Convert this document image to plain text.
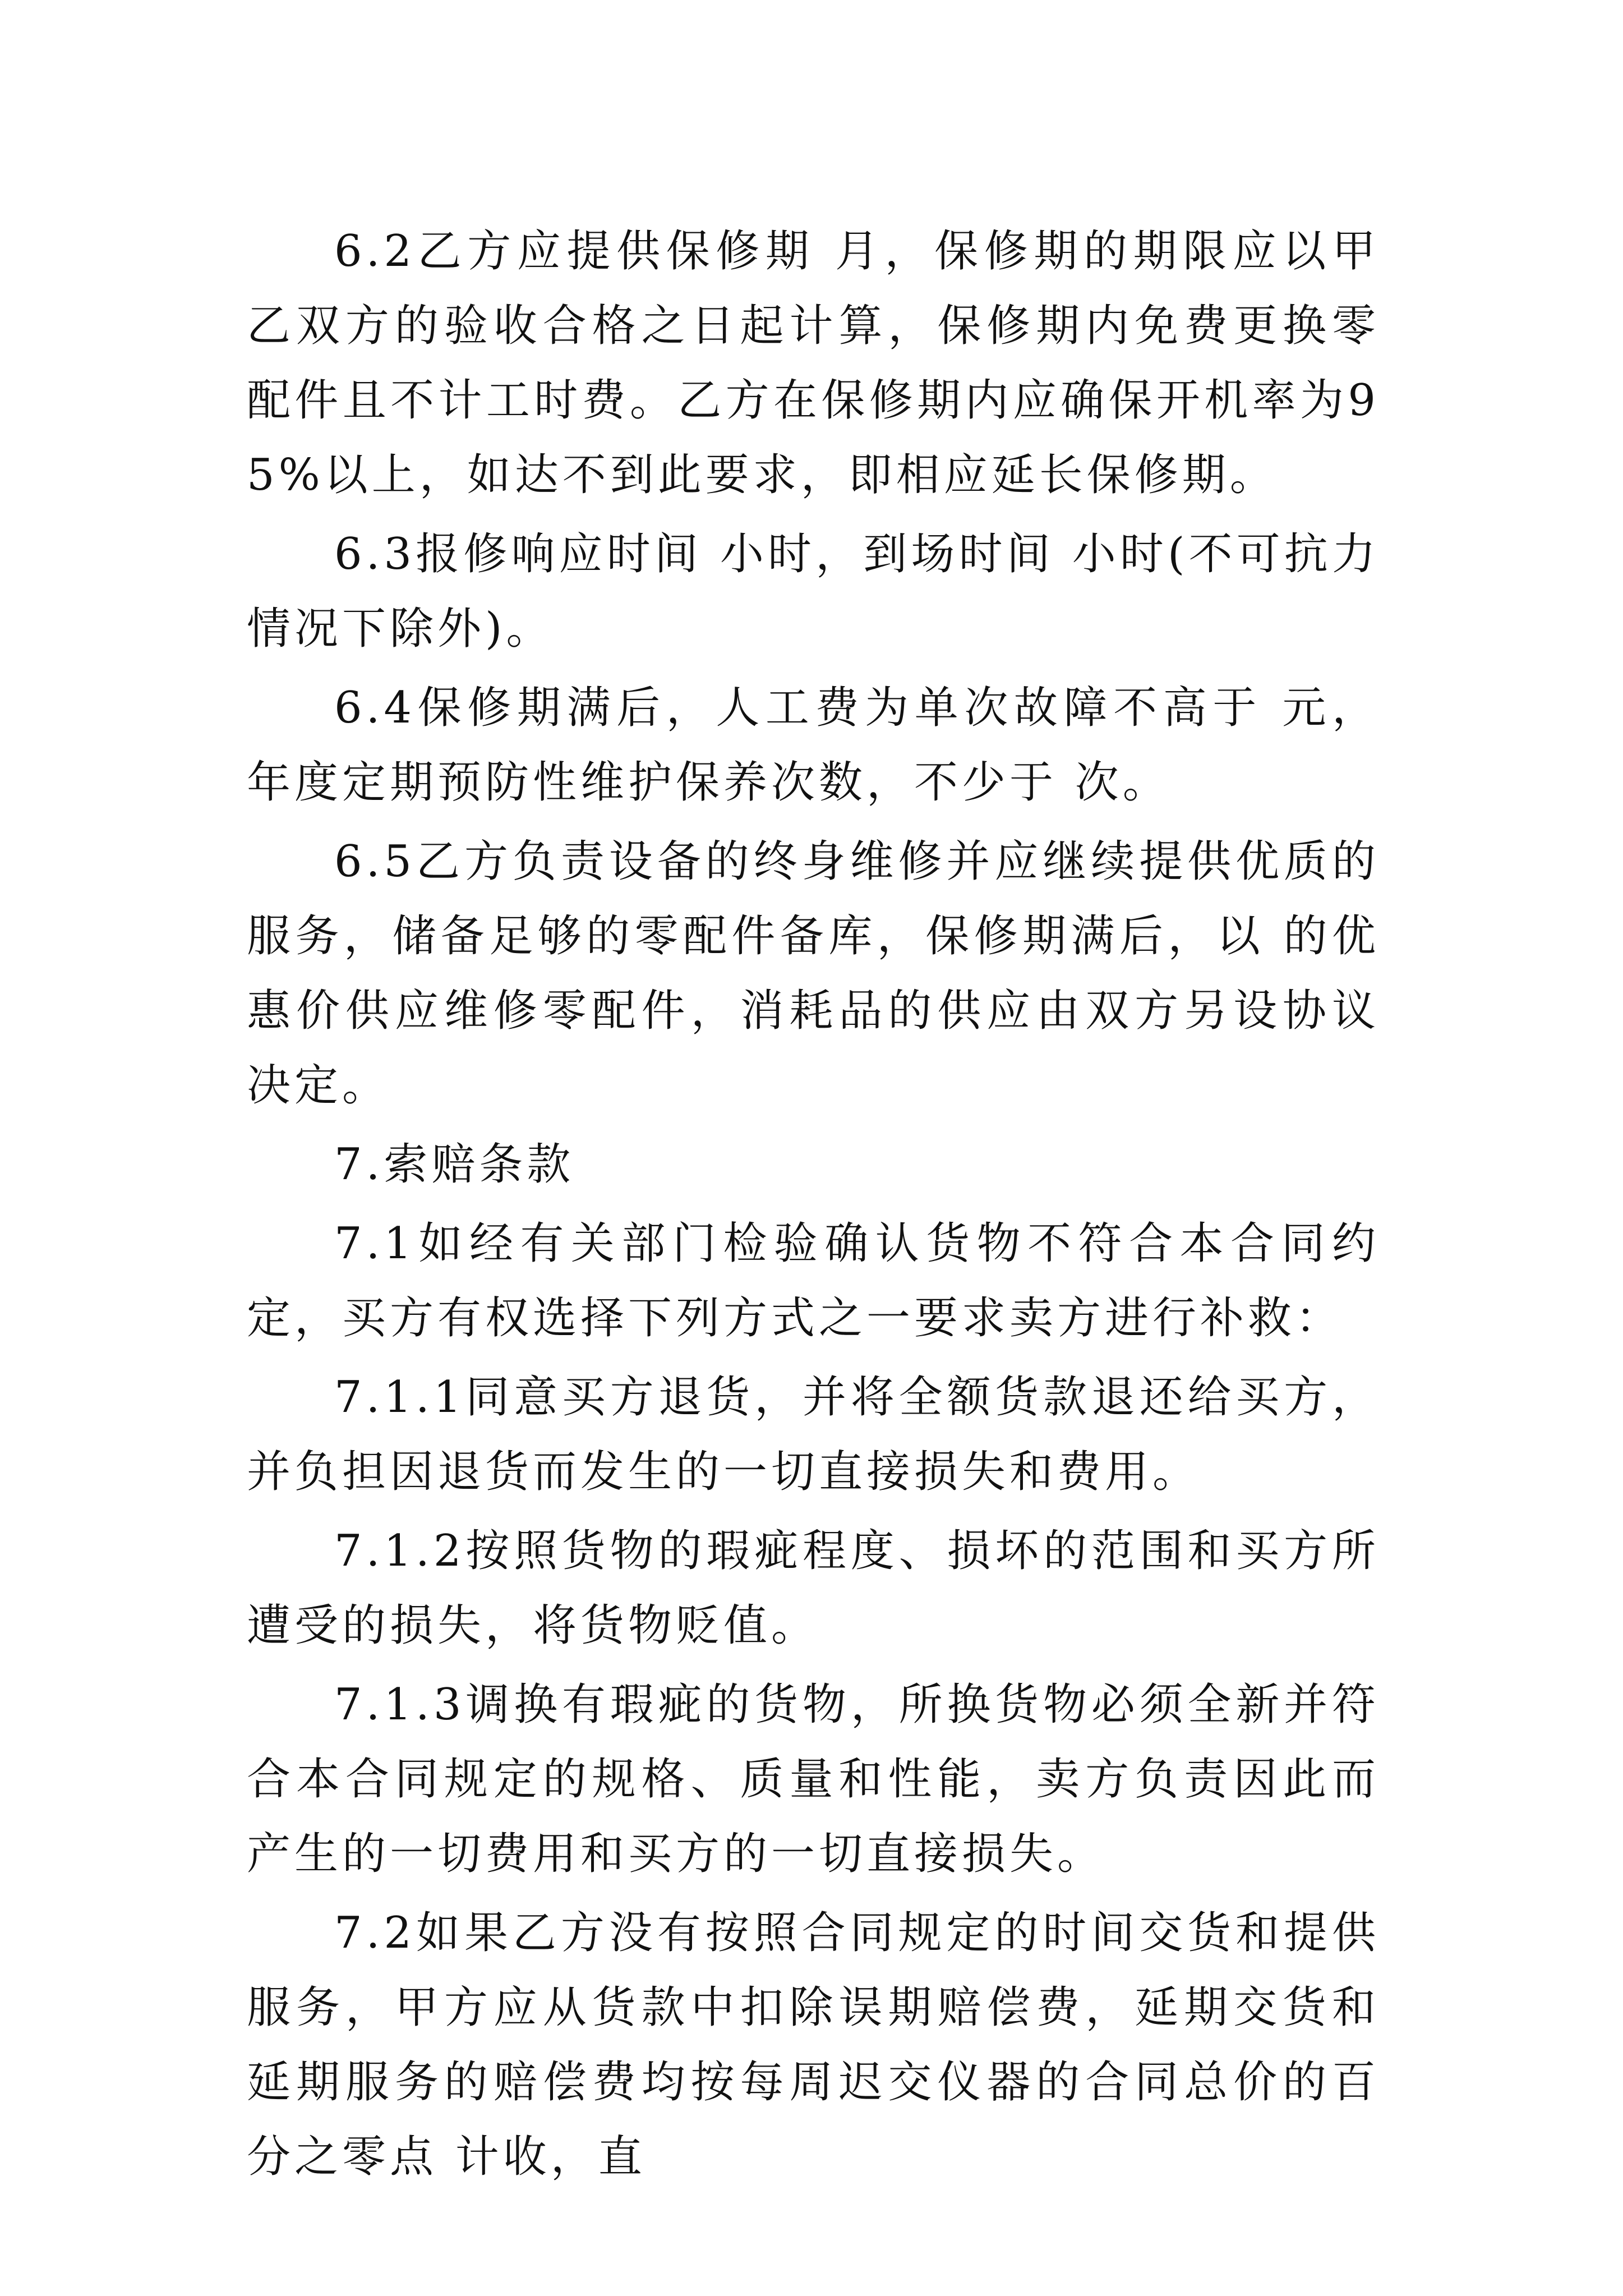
6.2乙方应提供保修期 月，保修期的期限应以甲乙双方的验收合格之日起计算，保修期内免费更换零配件且不计工时费。乙方在保修期内应确保开机率为95%以上，如达不到此要求，即相应延长保修期。

6.3报修响应时间 小时，到场时间 小时(不可抗力情况下除外)。

6.4保修期满后，人工费为单次故障不高于 元，年度定期预防性维护保养次数，不少于 次。

6.5乙方负责设备的终身维修并应继续提供优质的服务，储备足够的零配件备库，保修期满后，以 的优惠价供应维修零配件，消耗品的供应由双方另设协议决定。

7.索赔条款

7.1如经有关部门检验确认货物不符合本合同约定，买方有权选择下列方式之一要求卖方进行补救：

7.1.1同意买方退货，并将全额货款退还给买方，并负担因退货而发生的一切直接损失和费用。

7.1.2按照货物的瑕疵程度、损坏的范围和买方所遭受的损失，将货物贬值。

7.1.3调换有瑕疵的货物，所换货物必须全新并符合本合同规定的规格、质量和性能，卖方负责因此而产生的一切费用和买方的一切直接损失。

7.2如果乙方没有按照合同规定的时间交货和提供服务，甲方应从货款中扣除误期赔偿费，延期交货和延期服务的赔偿费均按每周迟交仪器的合同总价的百分之零点 计收，直
